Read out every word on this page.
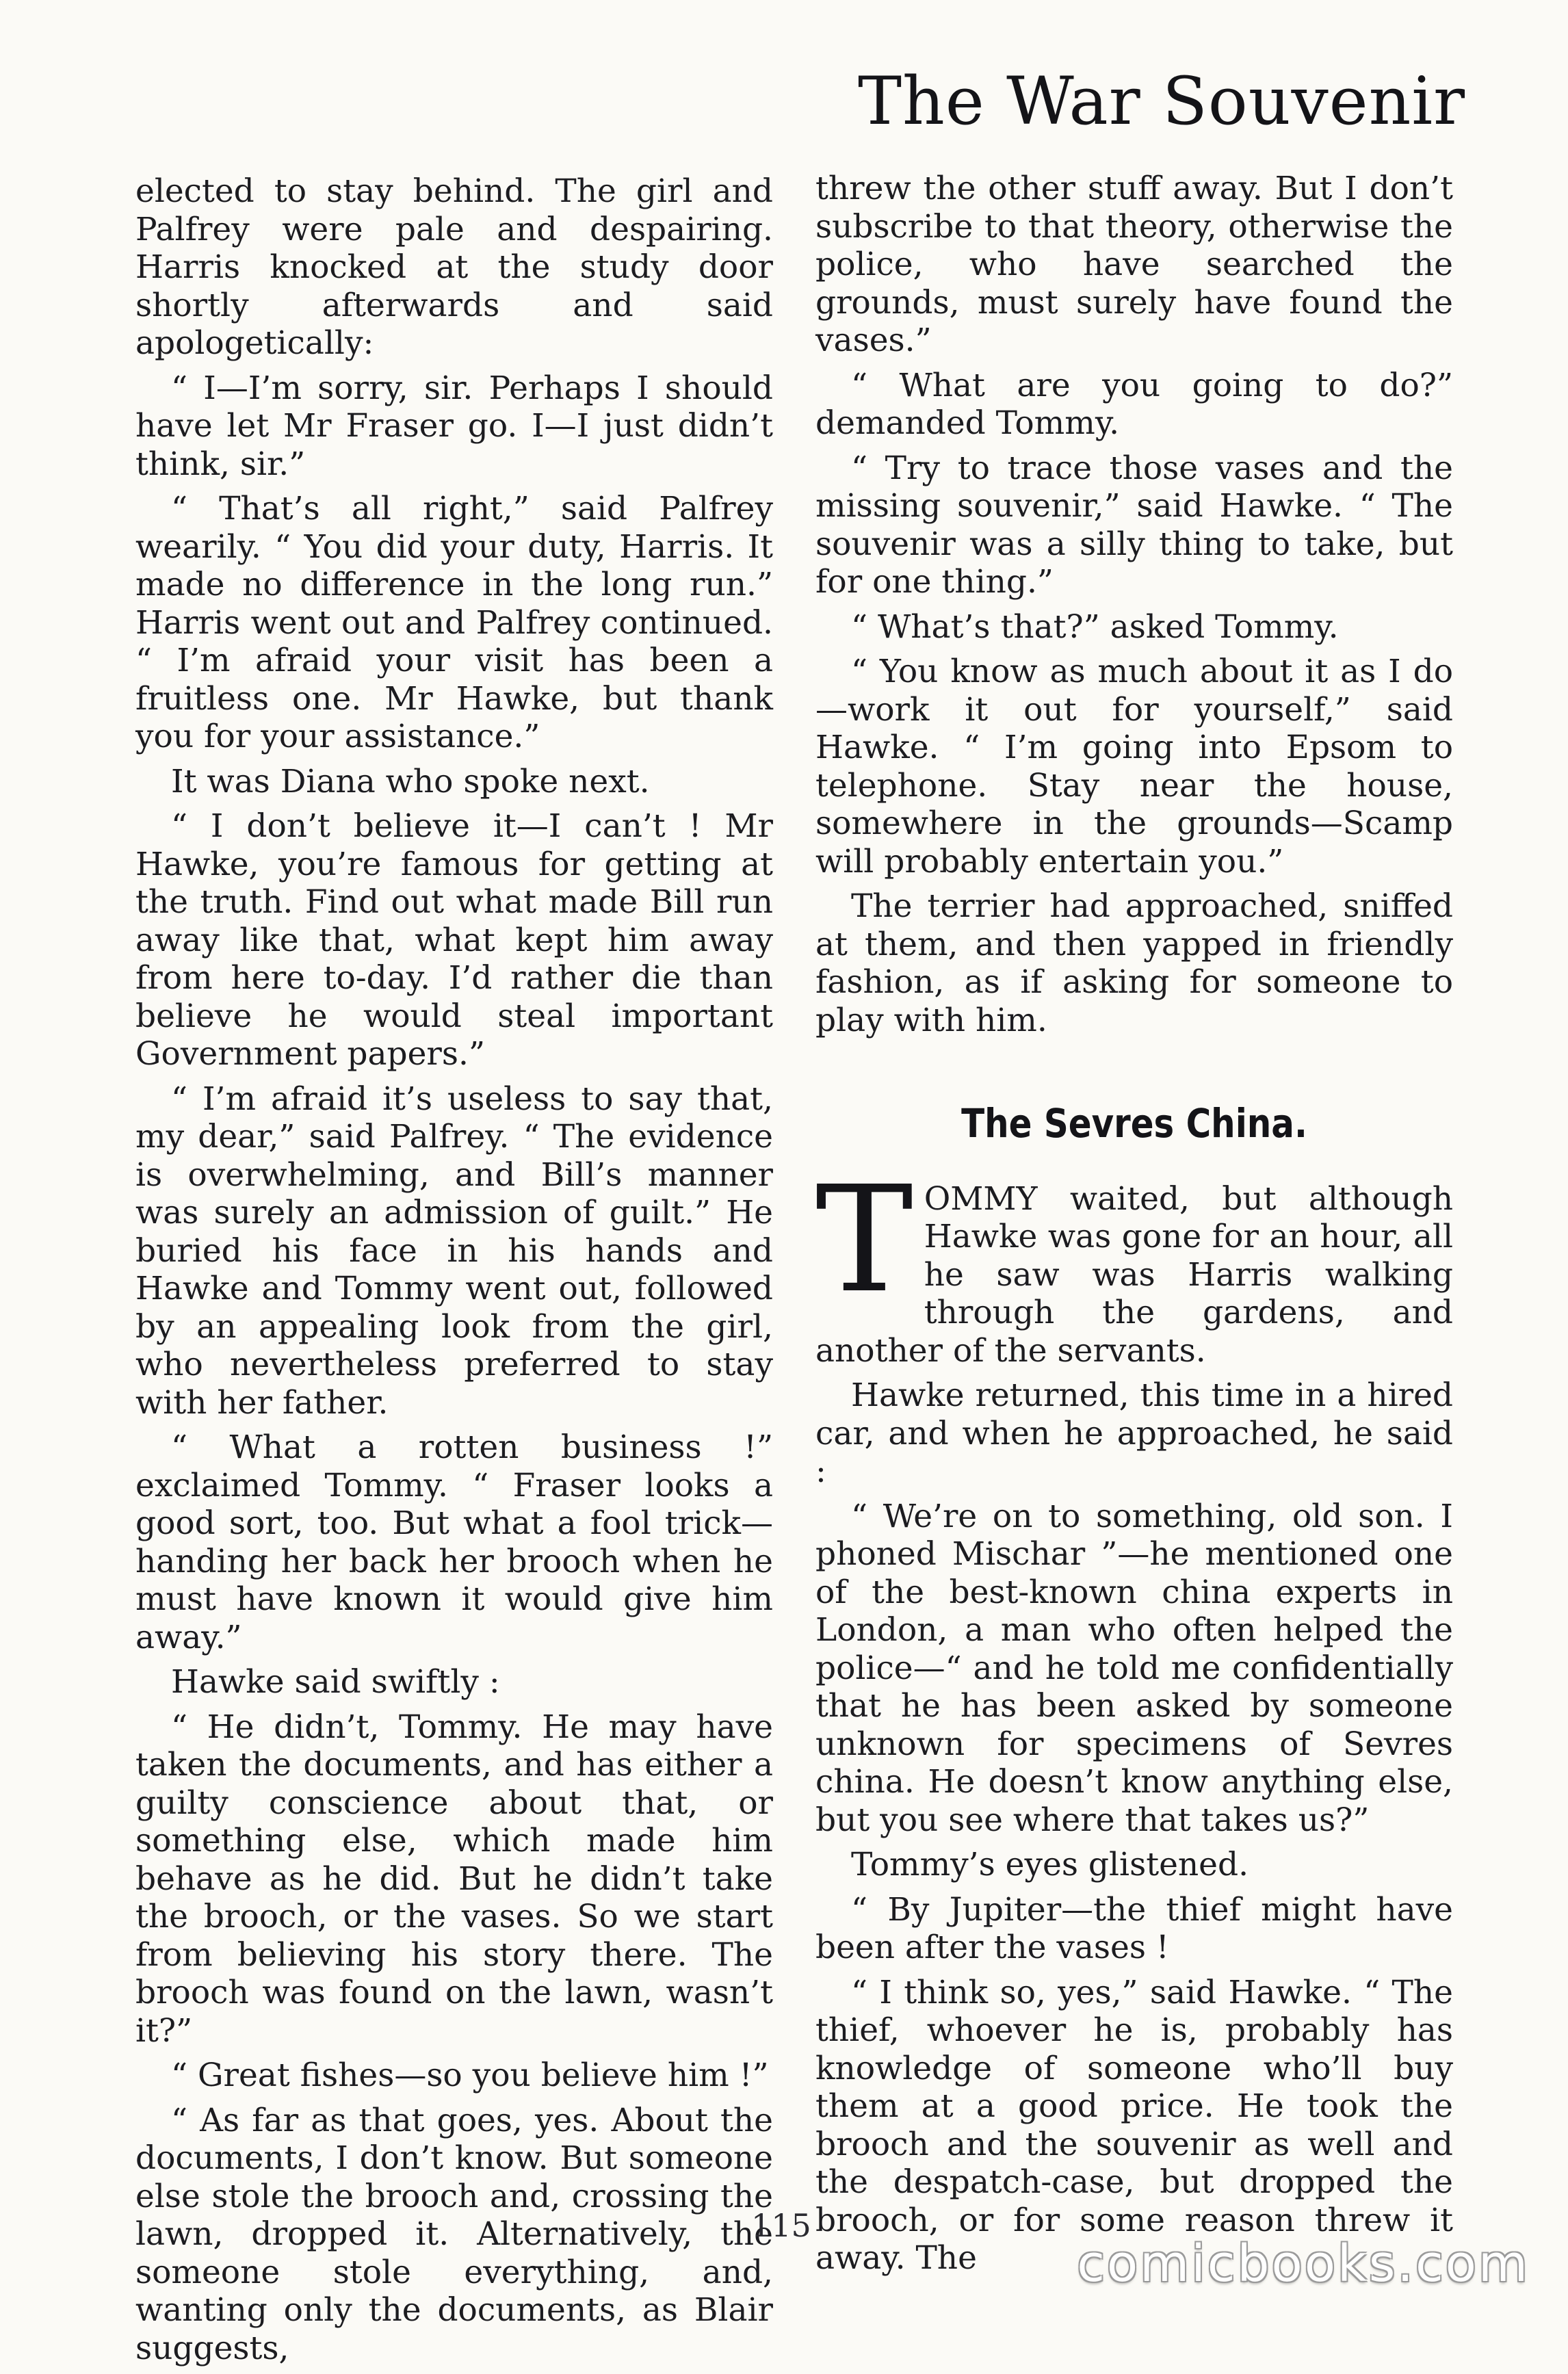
The War Souvenir

elected to stay behind. The girl and Palfrey were pale and despairing. Harris knocked at the study door shortly afterwards and said apologetically:

“ I—I’m sorry, sir. Perhaps I should have let Mr Fraser go. I—I just didn’t think, sir.”

“ That’s all right,” said Palfrey wearily. “ You did your duty, Harris. It made no difference in the long run.” Harris went out and Palfrey continued. “ I’m afraid your visit has been a fruitless one. Mr Hawke, but thank you for your assistance.”

It was Diana who spoke next.

“ I don’t believe it—I can’t ! Mr Hawke, you’re famous for getting at the truth. Find out what made Bill run away like that, what kept him away from here to-day. I’d rather die than believe he would steal important Government papers.”

“ I’m afraid it’s useless to say that, my dear,” said Palfrey. “ The evidence is overwhelming, and Bill’s manner was surely an admission of guilt.” He buried his face in his hands and Hawke and Tommy went out, followed by an appealing look from the girl, who nevertheless preferred to stay with her father.

“ What a rotten business !” exclaimed Tommy. “ Fraser looks a good sort, too. But what a fool trick—handing her back her brooch when he must have known it would give him away.”

Hawke said swiftly :

“ He didn’t, Tommy. He may have taken the documents, and has either a guilty conscience about that, or something else, which made him behave as he did. But he didn’t take the brooch, or the vases. So we start from believing his story there. The brooch was found on the lawn, wasn’t it?”

“ Great fishes—so you believe him !”

“ As far as that goes, yes. About the documents, I don’t know. But someone else stole the brooch and, crossing the lawn, dropped it. Alternatively, the someone stole everything, and, wanting only the documents, as Blair suggests,

threw the other stuff away. But I don’t subscribe to that theory, otherwise the police, who have searched the grounds, must surely have found the vases.”

“ What are you going to do?” demanded Tommy.

“ Try to trace those vases and the missing souvenir,” said Hawke. “ The souvenir was a silly thing to take, but for one thing.”

“ What’s that?” asked Tommy.

“ You know as much about it as I do—work it out for yourself,” said Hawke. “ I’m going into Epsom to telephone. Stay near the house, somewhere in the grounds—Scamp will probably entertain you.”

The terrier had approached, sniffed at them, and then yapped in friendly fashion, as if asking for someone to play with him.

The Sevres China.

TOMMY waited, but although Hawke was gone for an hour, all he saw was Harris walking through the gardens, and another of the servants.

Hawke returned, this time in a hired car, and when he approached, he said :

“ We’re on to something, old son. I phoned Mischar ”—he mentioned one of the best-known china experts in London, a man who often helped the police—“ and he told me confidentially that he has been asked by someone unknown for specimens of Sevres china. He doesn’t know anything else, but you see where that takes us?”

Tommy’s eyes glistened.

“ By Jupiter—the thief might have been after the vases !

“ I think so, yes,” said Hawke. “ The thief, whoever he is, probably has knowledge of someone who’ll buy them at a good price. He took the brooch and the souvenir as well and the despatch-case, but dropped the brooch, or for some reason threw it away. The

115
comicbooks.com
